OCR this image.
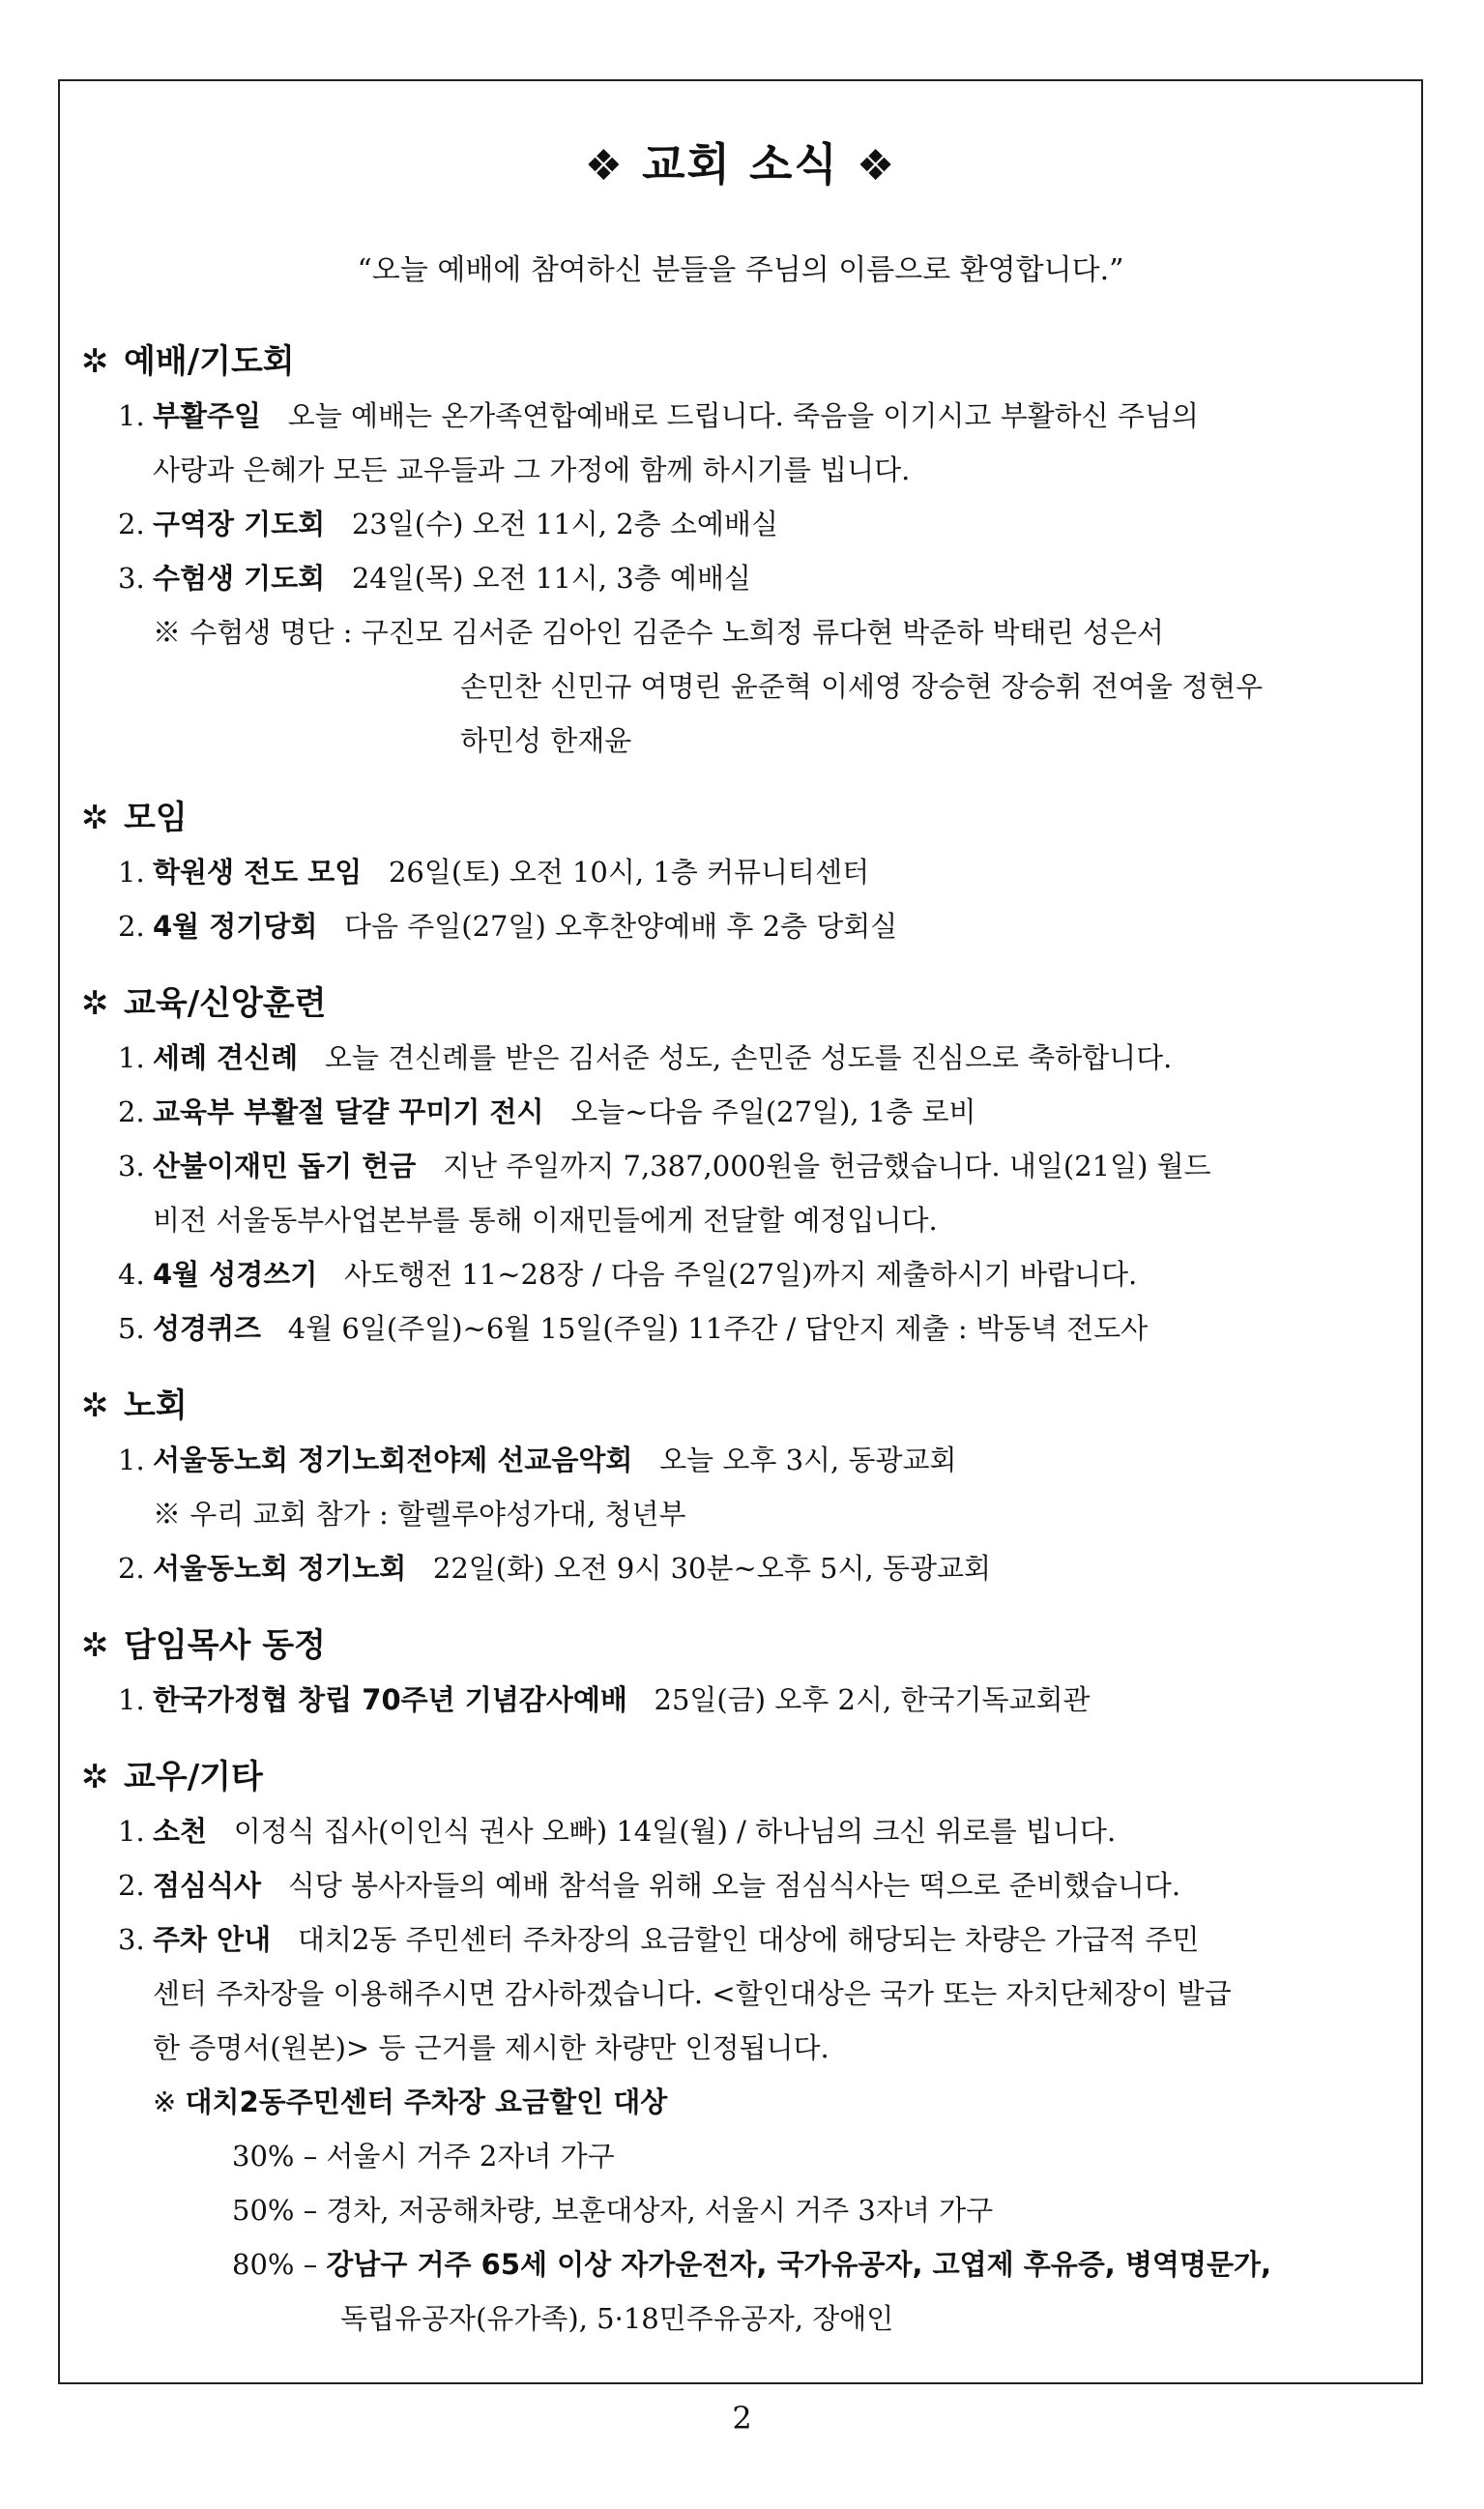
❖ 교회 소식 ❖
“오늘 예배에 참여하신 분들을 주님의 이름으로 환영합니다.”
✲ 예배/기도회
1. 부활주일 오늘 예배는 온가족연합예배로 드립니다. 죽음을 이기시고 부활하신 주님의
사랑과 은혜가 모든 교우들과 그 가정에 함께 하시기를 빕니다.
2. 구역장 기도회 23일(수) 오전 11시, 2층 소예배실
3. 수험생 기도회 24일(목) 오전 11시, 3층 예배실
※ 수험생 명단 : 구진모 김서준 김아인 김준수 노희정 류다현 박준하 박태린 성은서
손민찬 신민규 여명린 윤준혁 이세영 장승현 장승휘 전여울 정현우
하민성 한재윤
✲ 모임
1. 학원생 전도 모임 26일(토) 오전 10시, 1층 커뮤니티센터
2. 4월 정기당회 다음 주일(27일) 오후찬양예배 후 2층 당회실
✲ 교육/신앙훈련
1. 세례 견신례 오늘 견신례를 받은 김서준 성도, 손민준 성도를 진심으로 축하합니다.
2. 교육부 부활절 달걀 꾸미기 전시 오늘~다음 주일(27일), 1층 로비
3. 산불이재민 돕기 헌금 지난 주일까지 7,387,000원을 헌금했습니다. 내일(21일) 월드
비전 서울동부사업본부를 통해 이재민들에게 전달할 예정입니다.
4. 4월 성경쓰기 사도행전 11~28장 / 다음 주일(27일)까지 제출하시기 바랍니다.
5. 성경퀴즈 4월 6일(주일)~6월 15일(주일) 11주간 / 답안지 제출 : 박동녁 전도사
✲ 노회
1. 서울동노회 정기노회전야제 선교음악회 오늘 오후 3시, 동광교회
※ 우리 교회 참가 : 할렐루야성가대, 청년부
2. 서울동노회 정기노회 22일(화) 오전 9시 30분~오후 5시, 동광교회
✲ 담임목사 동정
1. 한국가정협 창립 70주년 기념감사예배 25일(금) 오후 2시, 한국기독교회관
✲ 교우/기타
1. 소천 이정식 집사(이인식 권사 오빠) 14일(월) / 하나님의 크신 위로를 빕니다.
2. 점심식사 식당 봉사자들의 예배 참석을 위해 오늘 점심식사는 떡으로 준비했습니다.
3. 주차 안내 대치2동 주민센터 주차장의 요금할인 대상에 해당되는 차량은 가급적 주민
센터 주차장을 이용해주시면 감사하겠습니다. <할인대상은 국가 또는 자치단체장이 발급
한 증명서(원본)> 등 근거를 제시한 차량만 인정됩니다.
※ 대치2동주민센터 주차장 요금할인 대상
30% – 서울시 거주 2자녀 가구
50% – 경차, 저공해차량, 보훈대상자, 서울시 거주 3자녀 가구
80% – 강남구 거주 65세 이상 자가운전자, 국가유공자, 고엽제 후유증, 병역명문가,
독립유공자(유가족), 5·18민주유공자, 장애인
2
